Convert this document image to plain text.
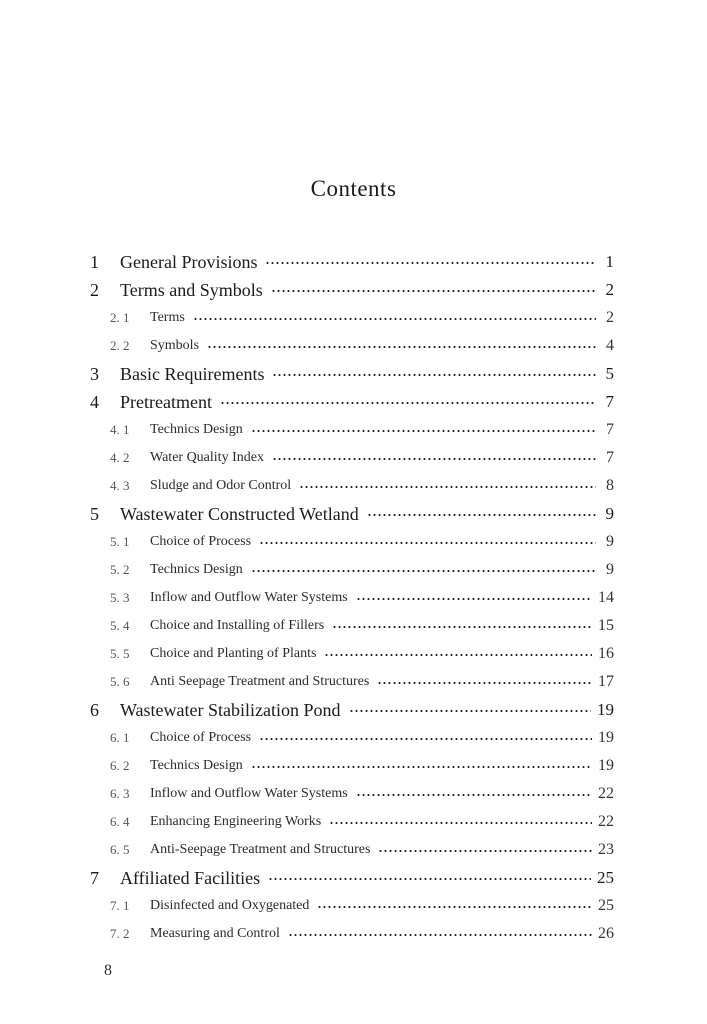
Contents
1	General Provisions	1
2	Terms and Symbols	2
2. 1	Terms	2
2. 2	Symbols	4
3	Basic Requirements	5
4	Pretreatment	7
4. 1	Technics Design	7
4. 2	Water Quality Index	7
4. 3	Sludge and Odor Control	8
5	Wastewater Constructed Wetland	9
5. 1	Choice of Process	9
5. 2	Technics Design	9
5. 3	Inflow and Outflow Water Systems	14
5. 4	Choice and Installing of Fillers	15
5. 5	Choice and Planting of Plants	16
5. 6	Anti Seepage Treatment and Structures	17
6	Wastewater Stabilization Pond	19
6. 1	Choice of Process	19
6. 2	Technics Design	19
6. 3	Inflow and Outflow Water Systems	22
6. 4	Enhancing Engineering Works	22
6. 5	Anti-Seepage Treatment and Structures	23
7	Affiliated Facilities	25
7. 1	Disinfected and Oxygenated	25
7. 2	Measuring and Control	26
8
